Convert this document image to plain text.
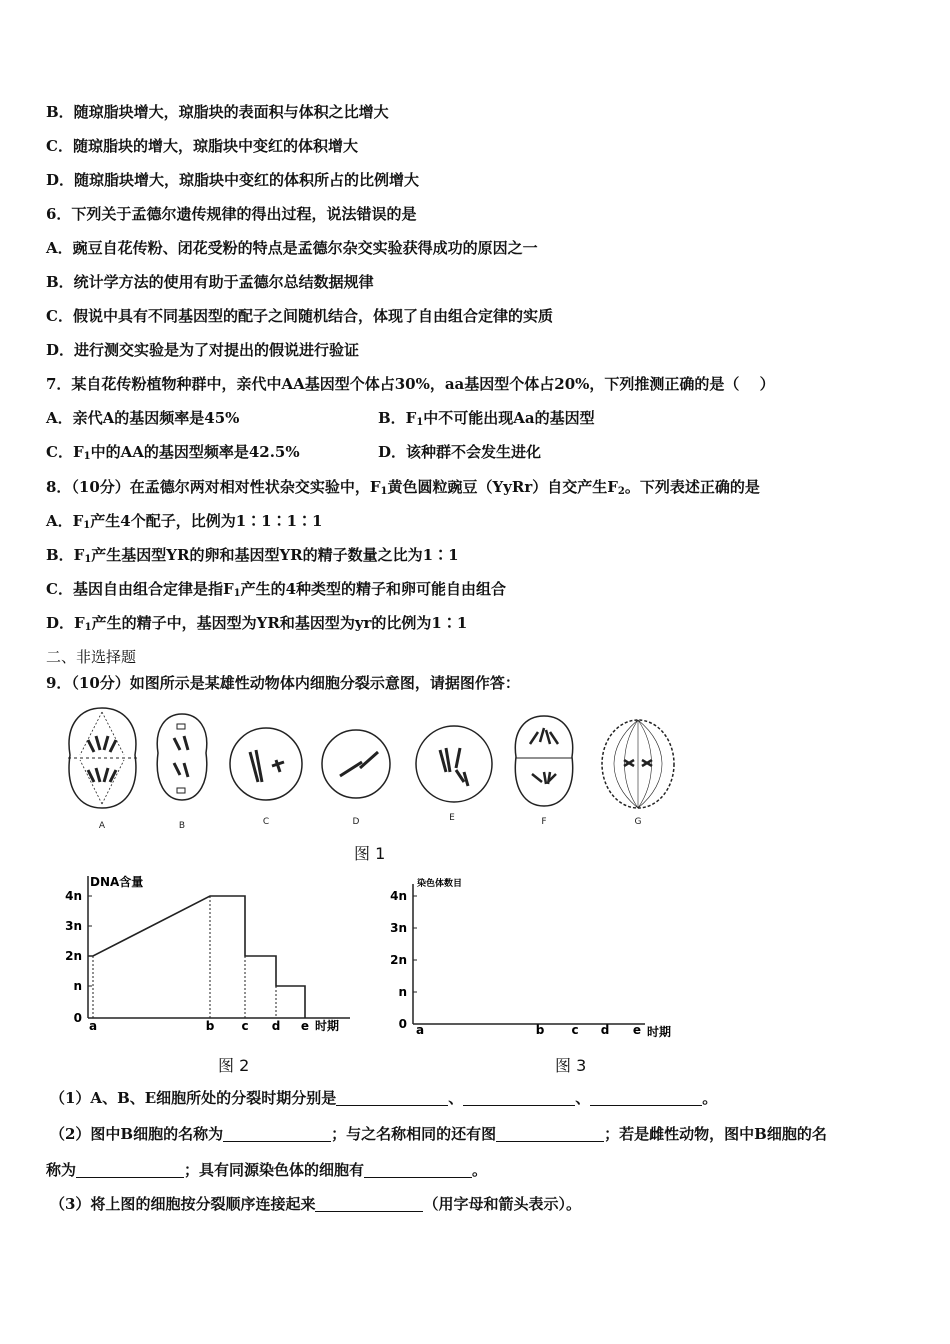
B．随琼脂块增大，琼脂块的表面积与体积之比增大
C．随琼脂块的增大，琼脂块中变红的体积增大
D．随琼脂块增大，琼脂块中变红的体积所占的比例增大
6．下列关于孟德尔遗传规律的得出过程，说法错误的是
A．豌豆自花传粉、闭花受粉的特点是孟德尔杂交实验获得成功的原因之一
B．统计学方法的使用有助于孟德尔总结数据规律
C．假说中具有不同基因型的配子之间随机结合，体现了自由组合定律的实质
D．进行测交实验是为了对提出的假说进行验证
7．某自花传粉植物种群中，亲代中AA基因型个体占30%，aa基因型个体占20%，下列推测正确的是（　 ）
A．亲代A的基因频率是45%	B．$F_1$中不可能出现Aa的基因型
C．$F_1$中的AA的基因型频率是42.5%	D．该种群不会发生进化
8．（10分）在孟德尔两对相对性状杂交实验中，$F_1$黄色圆粒豌豆（YyRr）自交产生$F_2$。下列表述正确的是
A．$F_1$产生4个配子，比例为1∶1∶1∶1
B．$F_1$产生基因型YR的卵和基因型YR的精子数量之比为1∶1
C．基因自由组合定律是指$F_1$产生的4种类型的精子和卵可能自由组合
D．$F_1$产生的精子中，基因型为YR和基因型为yr的比例为1∶1
二、非选择题
9．（10分）如图所示是某雄性动物体内细胞分裂示意图，请据图作答：
A	B	C	D	E	F	G
图 1
DNA含量
时期
0
n
2n
3n
4n
a	b c d e
图 2
染色体数目
时期
0
n
2n
3n
4n
a	b c d e
图 3
（1）A、B、E细胞所处的分裂时期分别是	、	、	。
（2）图中B细胞的名称为	；与之名称相同的还有图	；若是雌性动物，图中B细胞的名
称为	；具有同源染色体的细胞有	。
（3）将上图的细胞按分裂顺序连接起来	（用字母和箭头表示）。
